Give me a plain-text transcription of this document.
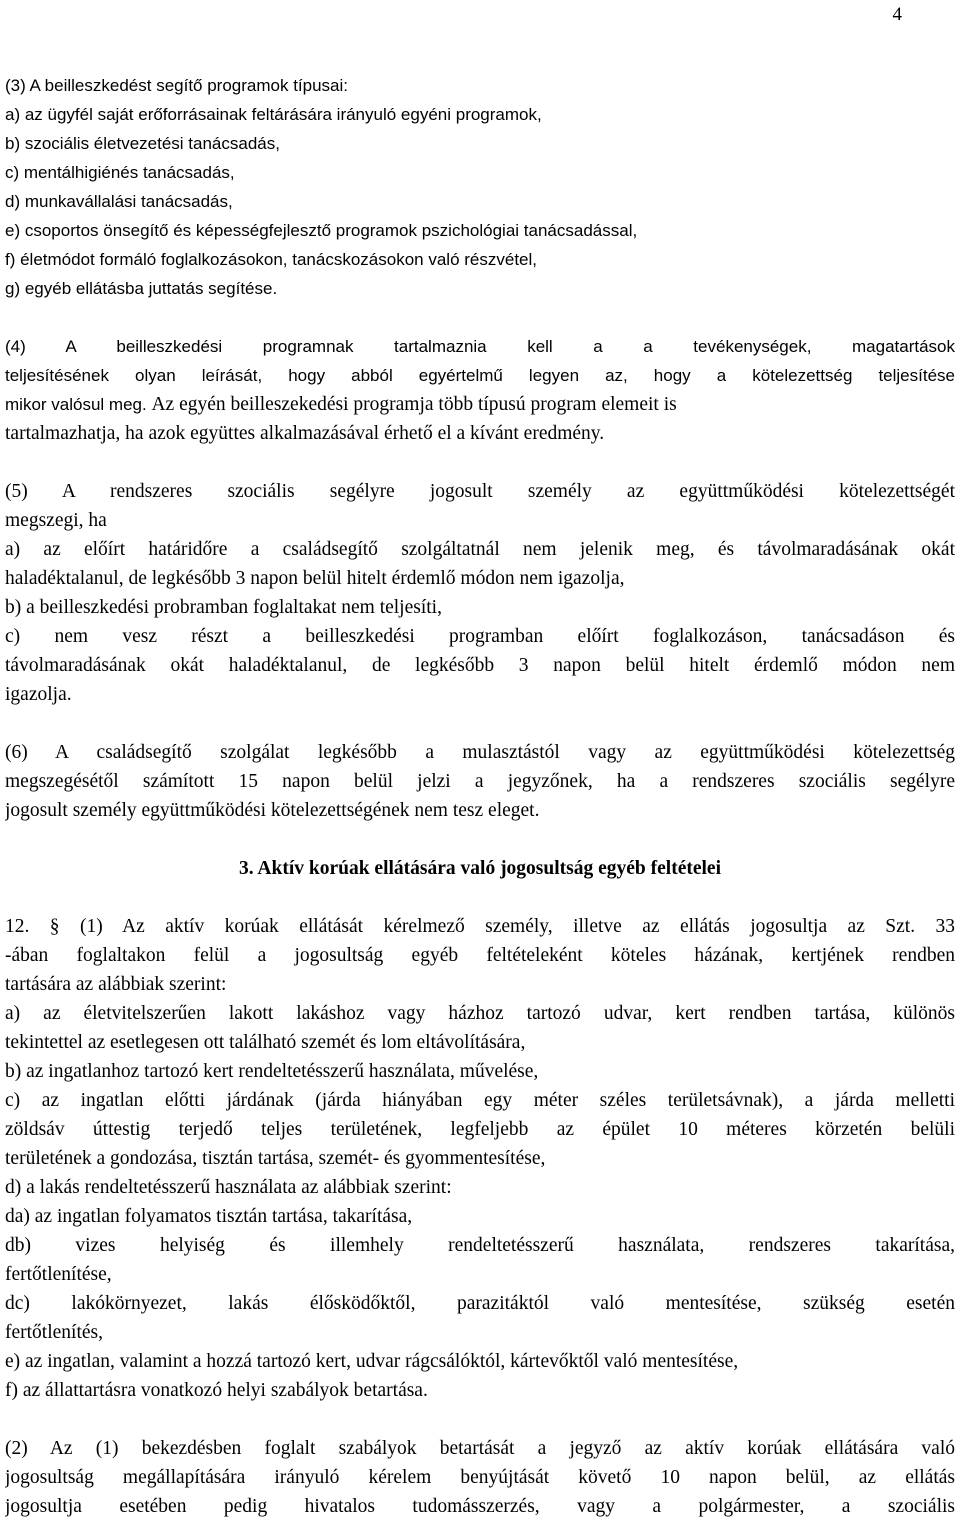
4
(3) A beilleszkedést segítő programok típusai:
a) az ügyfél saját erőforrásainak feltárására irányuló egyéni programok,
b) szociális életvezetési tanácsadás,
c) mentálhigiénés tanácsadás,
d) munkavállalási tanácsadás,
e) csoportos önsegítő és képességfejlesztő programok pszichológiai tanácsadással,
f) életmódot formáló foglalkozásokon, tanácskozásokon való részvétel,
g) egyéb ellátásba juttatás segítése.
(4) A beilleszkedési programnak tartalmaznia kell a a tevékenységek, magatartások
teljesítésének olyan leírását, hogy abból egyértelmű legyen az, hogy a kötelezettség teljesítése
mikor valósul meg. Az egyén beilleszekedési programja több típusú program elemeit is
tartalmazhatja, ha azok együttes alkalmazásával érhető el a kívánt eredmény.
(5) A rendszeres szociális segélyre jogosult személy az együttműködési kötelezettségét
megszegi, ha
a) az előírt határidőre a családsegítő szolgáltatnál nem jelenik meg, és távolmaradásának okát
haladéktalanul, de legkésőbb 3 napon belül hitelt érdemlő módon nem igazolja,
b) a beilleszkedési probramban foglaltakat nem teljesíti,
c) nem vesz részt a beilleszkedési programban előírt foglalkozáson, tanácsadáson és
távolmaradásának okát haladéktalanul, de legkésőbb 3 napon belül hitelt érdemlő módon nem
igazolja.
(6) A családsegítő szolgálat legkésőbb a mulasztástól vagy az együttműködési kötelezettség
megszegésétől számított 15 napon belül jelzi a jegyzőnek, ha a rendszeres szociális segélyre
jogosult személy együttműködési kötelezettségének nem tesz eleget.
3. Aktív korúak ellátására való jogosultság egyéb feltételei
12. § (1) Az aktív korúak ellátását kérelmező személy, illetve az ellátás jogosultja az Szt. 33
-ában foglaltakon felül a jogosultság egyéb feltételeként köteles házának, kertjének rendben
tartására az alábbiak szerint:
a) az életvitelszerűen lakott lakáshoz vagy házhoz tartozó udvar, kert rendben tartása, különös
tekintettel az esetlegesen ott található szemét és lom eltávolítására,
b) az ingatlanhoz tartozó kert rendeltetésszerű használata, művelése,
c) az ingatlan előtti járdának (járda hiányában egy méter széles területsávnak), a járda melletti
zöldsáv úttestig terjedő teljes területének, legfeljebb az épület 10 méteres körzetén belüli
területének a gondozása, tisztán tartása, szemét- és gyommentesítése,
d) a lakás rendeltetésszerű használata az alábbiak szerint:
da) az ingatlan folyamatos tisztán tartása, takarítása,
db) vizes helyiség és illemhely rendeltetésszerű használata, rendszeres takarítása,
fertőtlenítése,
dc) lakókörnyezet, lakás élősködőktől, parazitáktól való mentesítése, szükség esetén
fertőtlenítés,
e) az ingatlan, valamint a hozzá tartozó kert, udvar rágcsálóktól, kártevőktől való mentesítése,
f) az állattartásra vonatkozó helyi szabályok betartása.
(2) Az (1) bekezdésben foglalt szabályok betartását a jegyző az aktív korúak ellátására való
jogosultság megállapítására irányuló kérelem benyújtását követő 10 napon belül, az ellátás
jogosultja esetében pedig hivatalos tudomásszerzés, vagy a polgármester, a szociális
